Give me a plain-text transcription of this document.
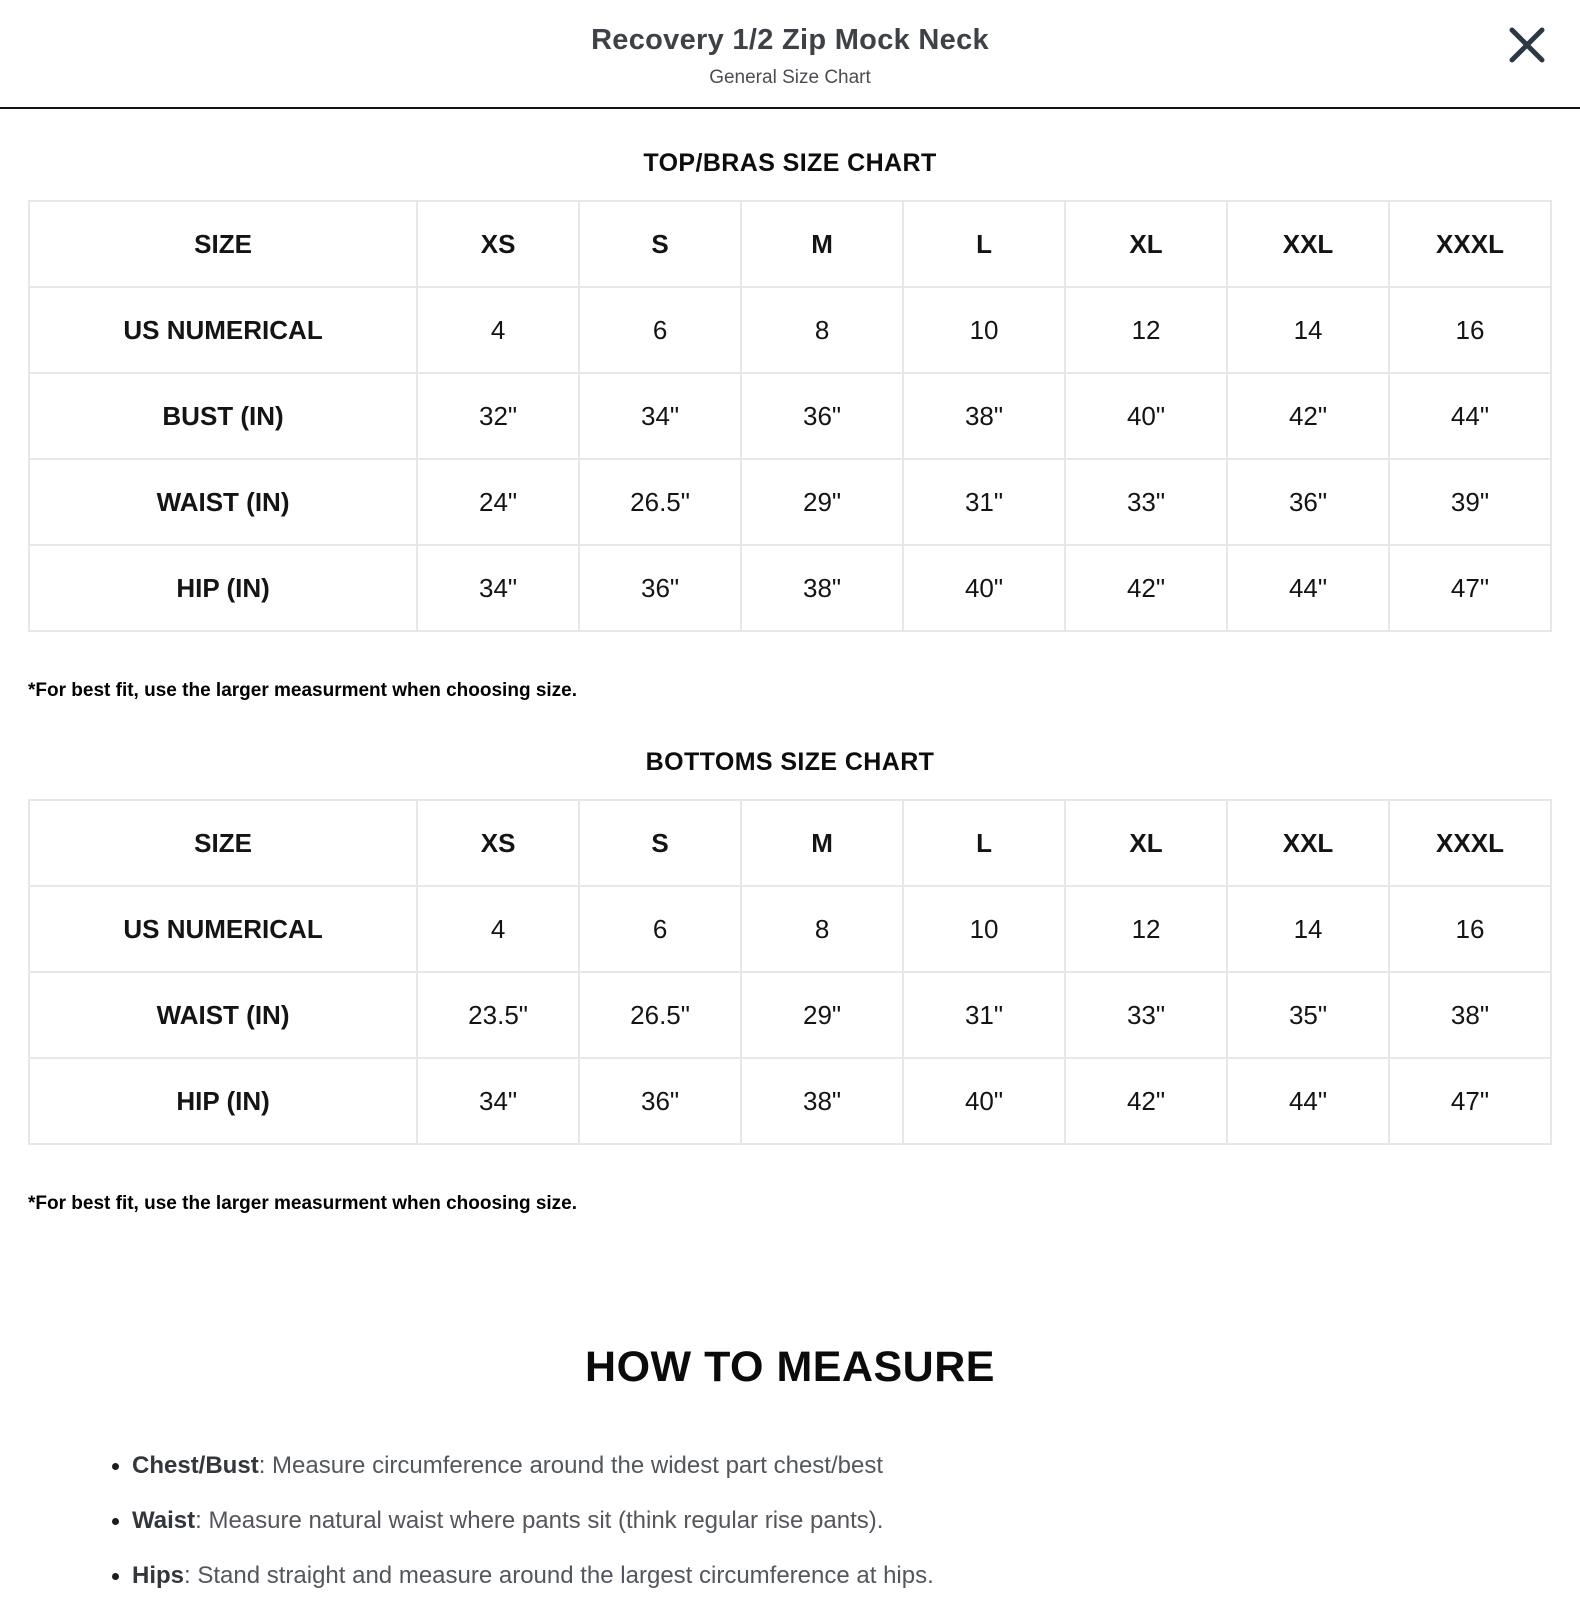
Recovery 1/2 Zip Mock Neck
General Size Chart
TOP/BRAS SIZE CHART
SIZE	XS	S	M	L	XL	XXL	XXXL
US NUMERICAL	4	6	8	10	12	14	16
BUST (IN)	32"	34"	36"	38"	40"	42"	44"
WAIST (IN)	24"	26.5"	29"	31"	33"	36"	39"
HIP (IN)	34"	36"	38"	40"	42"	44"	47"

*For best fit, use the larger measurment when choosing size.

BOTTOMS SIZE CHART
SIZE	XS	S	M	L	XL	XXL	XXXL
US NUMERICAL	4	6	8	10	12	14	16
WAIST (IN)	23.5"	26.5"	29"	31"	33"	35"	38"
HIP (IN)	34"	36"	38"	40"	42"	44"	47"

*For best fit, use the larger measurment when choosing size.

HOW TO MEASURE
• Chest/Bust: Measure circumference around the widest part chest/best
• Waist: Measure natural waist where pants sit (think regular rise pants).
• Hips: Stand straight and measure around the largest circumference at hips.
